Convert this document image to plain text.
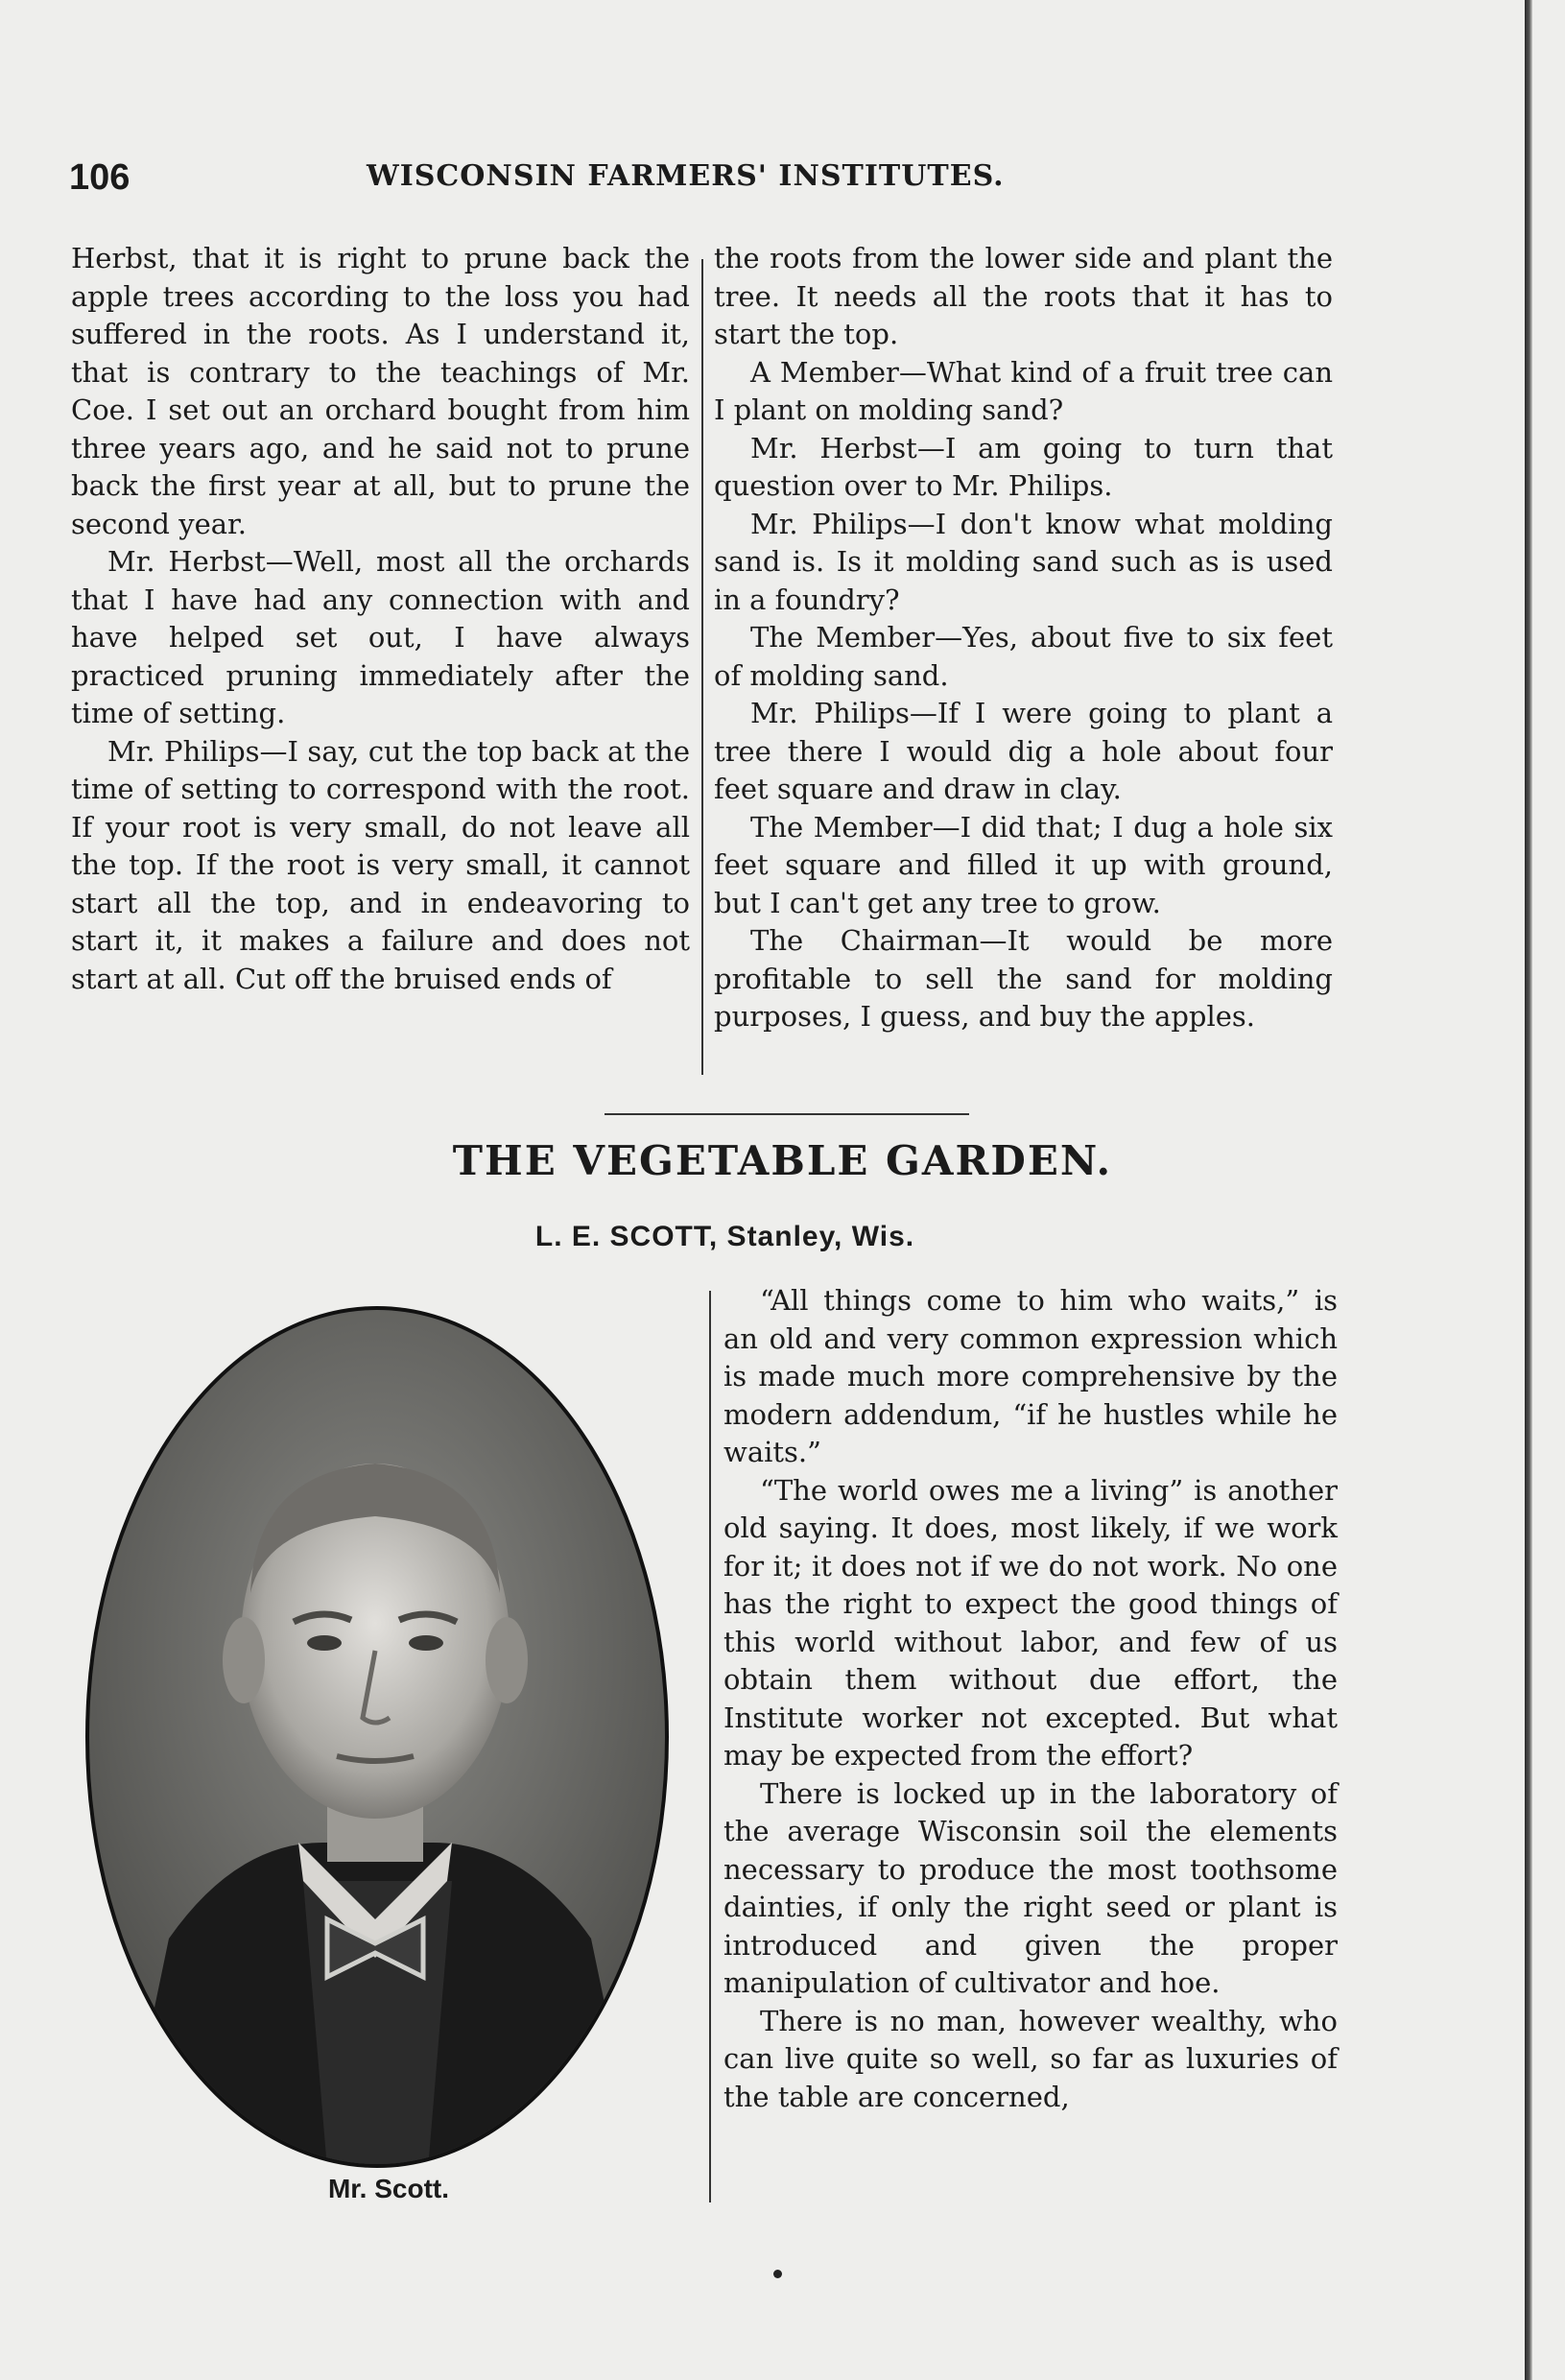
106	WISCONSIN FARMERS' INSTITUTES.

Herbst, that it is right to prune back the apple trees according to the loss you had suffered in the roots. As I understand it, that is contrary to the teachings of Mr. Coe. I set out an orchard bought from him three years ago, and he said not to prune back the first year at all, but to prune the second year.

Mr. Herbst—Well, most all the orchards that I have had any connection with and have helped set out, I have always practiced pruning immediately after the time of setting.

Mr. Philips—I say, cut the top back at the time of setting to correspond with the root. If your root is very small, do not leave all the top. If the root is very small, it cannot start all the top, and in endeavoring to start it, it makes a failure and does not start at all. Cut off the bruised ends of

the roots from the lower side and plant the tree. It needs all the roots that it has to start the top.

A Member—What kind of a fruit tree can I plant on molding sand?

Mr. Herbst—I am going to turn that question over to Mr. Philips.

Mr. Philips—I don't know what molding sand is. Is it molding sand such as is used in a foundry?

The Member—Yes, about five to six feet of molding sand.

Mr. Philips—If I were going to plant a tree there I would dig a hole about four feet square and draw in clay.

The Member—I did that; I dug a hole six feet square and filled it up with ground, but I can't get any tree to grow.

The Chairman—It would be more profitable to sell the sand for molding purposes, I guess, and buy the apples.

THE VEGETABLE GARDEN.
L. E. SCOTT, Stanley, Wis.
Mr. Scott.

“All things come to him who waits,” is an old and very common expression which is made much more comprehensive by the modern addendum, “if he hustles while he waits.”

“The world owes me a living” is another old saying. It does, most likely, if we work for it; it does not if we do not work. No one has the right to expect the good things of this world without labor, and few of us obtain them without due effort, the Institute worker not excepted. But what may be expected from the effort?

There is locked up in the laboratory of the average Wisconsin soil the elements necessary to produce the most toothsome dainties, if only the right seed or plant is introduced and given the proper manipulation of cultivator and hoe.

There is no man, however wealthy, who can live quite so well, so far as luxuries of the table are concerned,
